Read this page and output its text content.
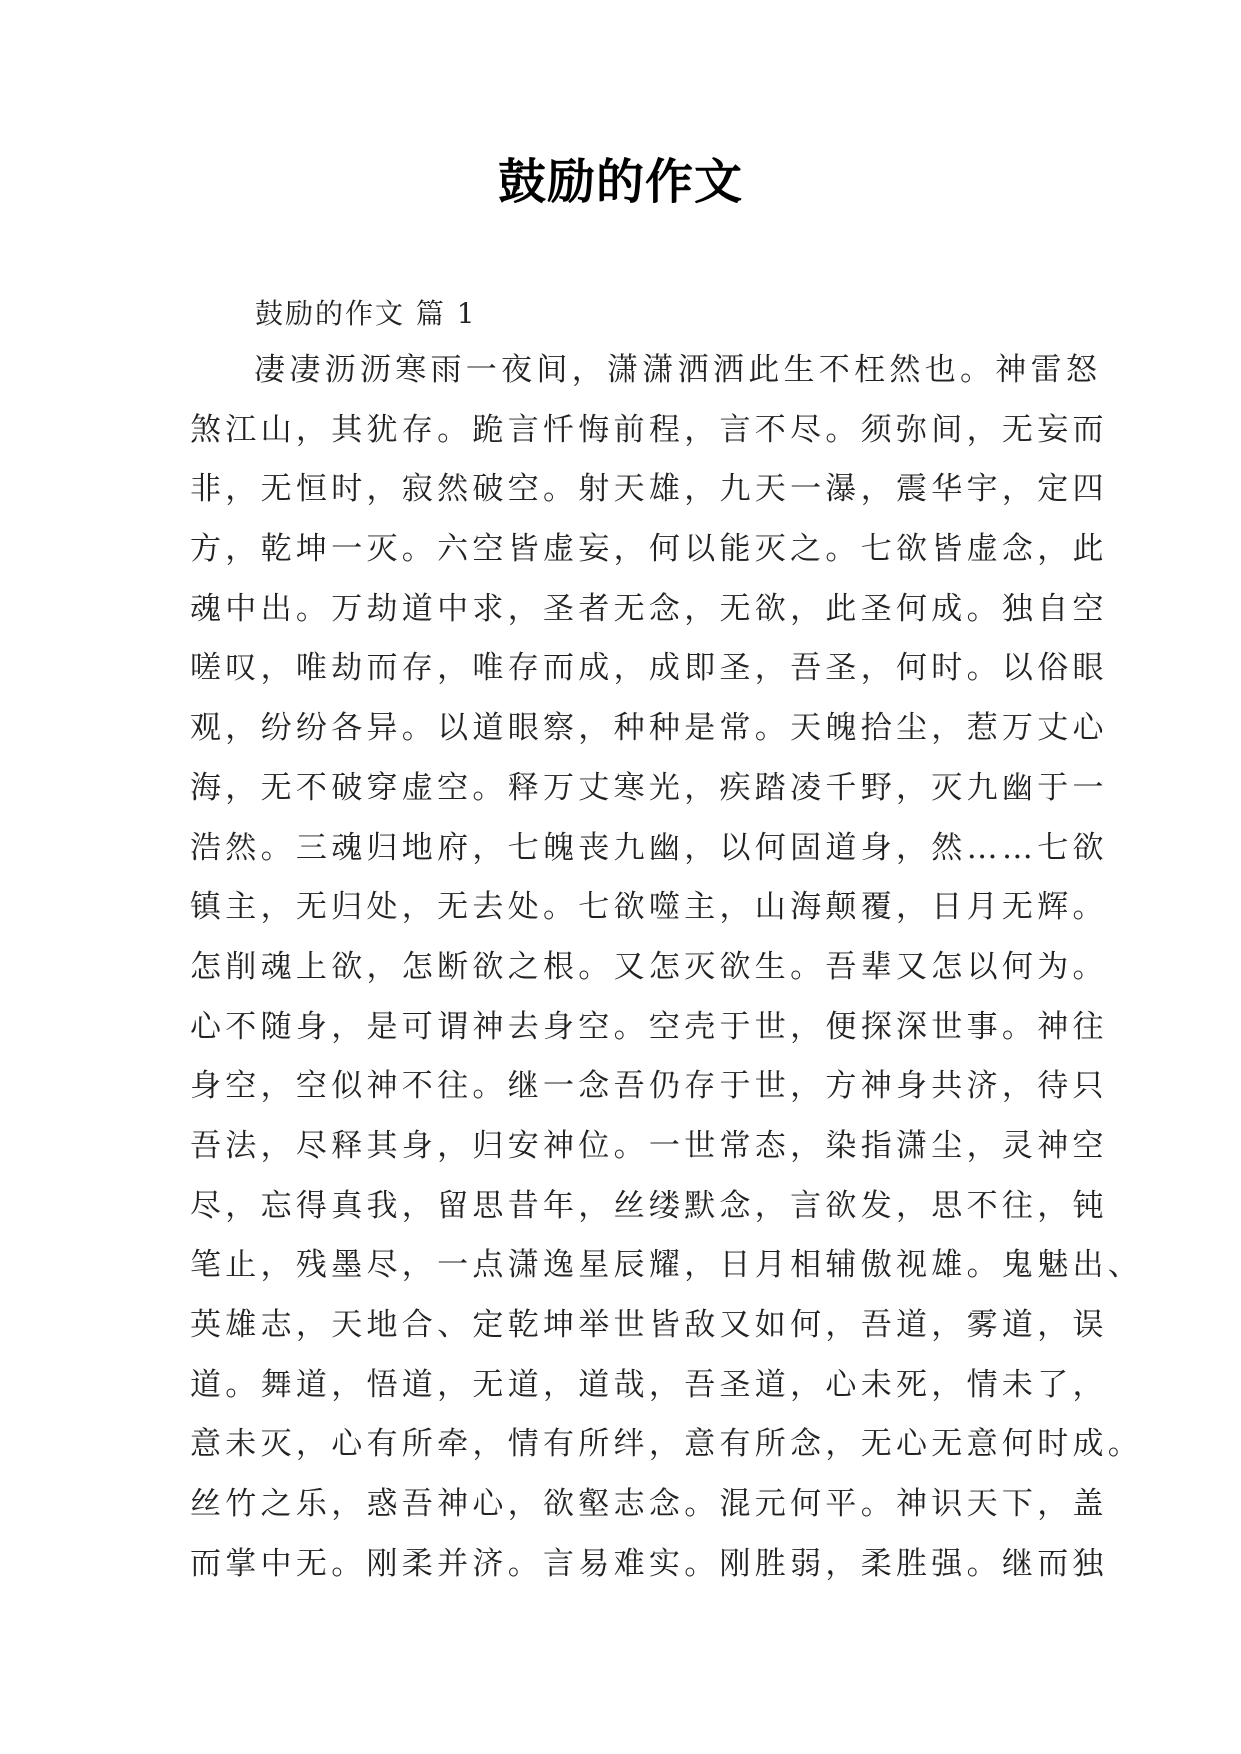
鼓励的作文
鼓励的作文 篇 1
凄凄沥沥寒雨一夜间，潇潇洒洒此生不枉然也。神雷怒
煞江山，其犹存。跪言忏悔前程，言不尽。须弥间，无妄而
非，无恒时，寂然破空。射天雄，九天一瀑，震华宇，定四
方，乾坤一灭。六空皆虚妄，何以能灭之。七欲皆虚念，此
魂中出。万劫道中求，圣者无念，无欲，此圣何成。独自空
嗟叹，唯劫而存，唯存而成，成即圣，吾圣，何时。以俗眼
观，纷纷各异。以道眼察，种种是常。天魄拾尘，惹万丈心
海，无不破穿虚空。释万丈寒光，疾踏凌千野，灭九幽于一
浩然。三魂归地府，七魄丧九幽，以何固道身，然……七欲
镇主，无归处，无去处。七欲噬主，山海颠覆，日月无辉。
怎削魂上欲，怎断欲之根。又怎灭欲生。吾辈又怎以何为。
心不随身，是可谓神去身空。空壳于世，便探深世事。神往
身空，空似神不往。继一念吾仍存于世，方神身共济，待只
吾法，尽释其身，归安神位。一世常态，染指潇尘，灵神空
尽，忘得真我，留思昔年，丝缕默念，言欲发，思不往，钝
笔止，残墨尽，一点潇逸星辰耀，日月相辅傲视雄。鬼魅出、
英雄志，天地合、定乾坤举世皆敌又如何，吾道，雾道，误
道。舞道，悟道，无道，道哉，吾圣道，心未死，情未了，
意未灭，心有所牵，情有所绊，意有所念，无心无意何时成。
丝竹之乐，惑吾神心，欲壑志念。混元何平。神识天下，盖
而掌中无。刚柔并济。言易难实。刚胜弱，柔胜强。继而独
